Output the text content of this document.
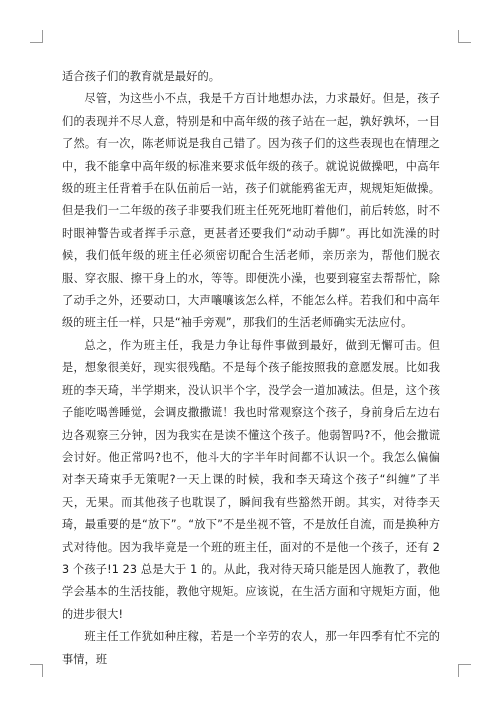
适合孩子们的教育就是最好的。

尽管，为这些小不点，我是千方百计地想办法，力求最好。但是，孩子们的表现并不尽人意，特别是和中高年级的孩子站在一起，孰好孰坏，一目了然。有一次，陈老师说是我自己错了。因为孩子们的这些表现也在情理之中，我不能拿中高年级的标准来要求低年级的孩子。就说说做操吧，中高年级的班主任背着手在队伍前后一站，孩子们就能鸦雀无声，规规矩矩做操。但是我们一二年级的孩子非要我们班主任死死地盯着他们，前后转悠，时不时眼神警告或者挥手示意，更甚者还要我们“动动手脚”。再比如洗澡的时候，我们低年级的班主任必须密切配合生活老师，亲历亲为，帮他们脱衣服、穿衣服、擦干身上的水，等等。即便洗小澡，也要到寝室去帮帮忙，除了动手之外，还要动口，大声嚷嚷该怎么样，不能怎么样。若我们和中高年级的班主任一样，只是“袖手旁观”，那我们的生活老师确实无法应付。

总之，作为班主任，我是力争让每件事做到最好，做到无懈可击。但是，想象很美好，现实很残酷。不是每个孩子能按照我的意愿发展。比如我班的李天琦，半学期来，没认识半个字，没学会一道加减法。但是，这个孩子能吃喝善睡觉，会调皮撒撒谎！我也时常观察这个孩子，身前身后左边右边各观察三分钟，因为我实在是读不懂这个孩子。他弱智吗?不，他会撒谎会讨好。他正常吗?也不，他斗大的字半年时间都不认识一个。我怎么偏偏对李天琦束手无策呢?一天上课的时候，我和李天琦这个孩子“纠缠”了半天，无果。而其他孩子也耽误了，瞬间我有些豁然开朗。其实，对待李天琦，最重要的是“放下”。“放下”不是坐视不管，不是放任自流，而是换种方式对待他。因为我毕竟是一个班的班主任，面对的不是他一个孩子，还有 23 个孩子!1 23 总是大于 1 的。从此，我对待天琦只能是因人施教了，教他学会基本的生活技能，教他守规矩。应该说，在生活方面和守规矩方面，他的进步很大!

班主任工作犹如种庄稼，若是一个辛劳的农人，那一年四季有忙不完的事情，班
